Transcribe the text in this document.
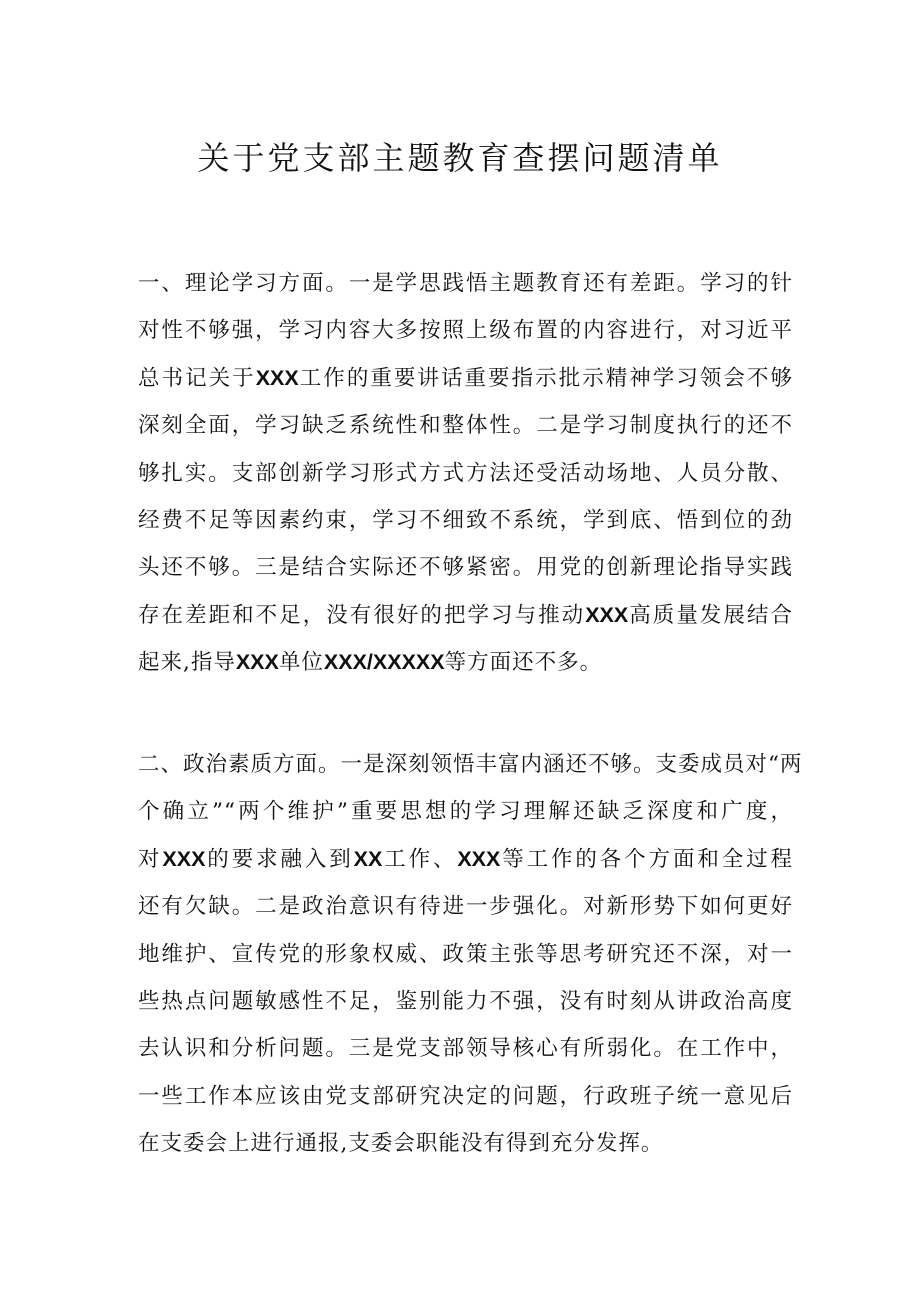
关于党支部主题教育查摆问题清单
一、理论学习方面。一是学思践悟主题教育还有差距。学习的针
对性不够强，学习内容大多按照上级布置的内容进行，对习近平
总书记关于XXX工作的重要讲话重要指示批示精神学习领会不够
深刻全面，学习缺乏系统性和整体性。二是学习制度执行的还不
够扎实。支部创新学习形式方式方法还受活动场地、人员分散、
经费不足等因素约束，学习不细致不系统，学到底、悟到位的劲
头还不够。三是结合实际还不够紧密。用党的创新理论指导实践
存在差距和不足，没有很好的把学习与推动XXX高质量发展结合
起来,指导XXX单位XXX/XXXXX等方面还不多。
二、政治素质方面。一是深刻领悟丰富内涵还不够。支委成员对“两
个确立”“两个维护”重要思想的学习理解还缺乏深度和广度，
对XXX的要求融入到XX工作、XXX等工作的各个方面和全过程
还有欠缺。二是政治意识有待进一步强化。对新形势下如何更好
地维护、宣传党的形象权威、政策主张等思考研究还不深，对一
些热点问题敏感性不足，鉴别能力不强，没有时刻从讲政治高度
去认识和分析问题。三是党支部领导核心有所弱化。在工作中，
一些工作本应该由党支部研究决定的问题，行政班子统一意见后
在支委会上进行通报,支委会职能没有得到充分发挥。
